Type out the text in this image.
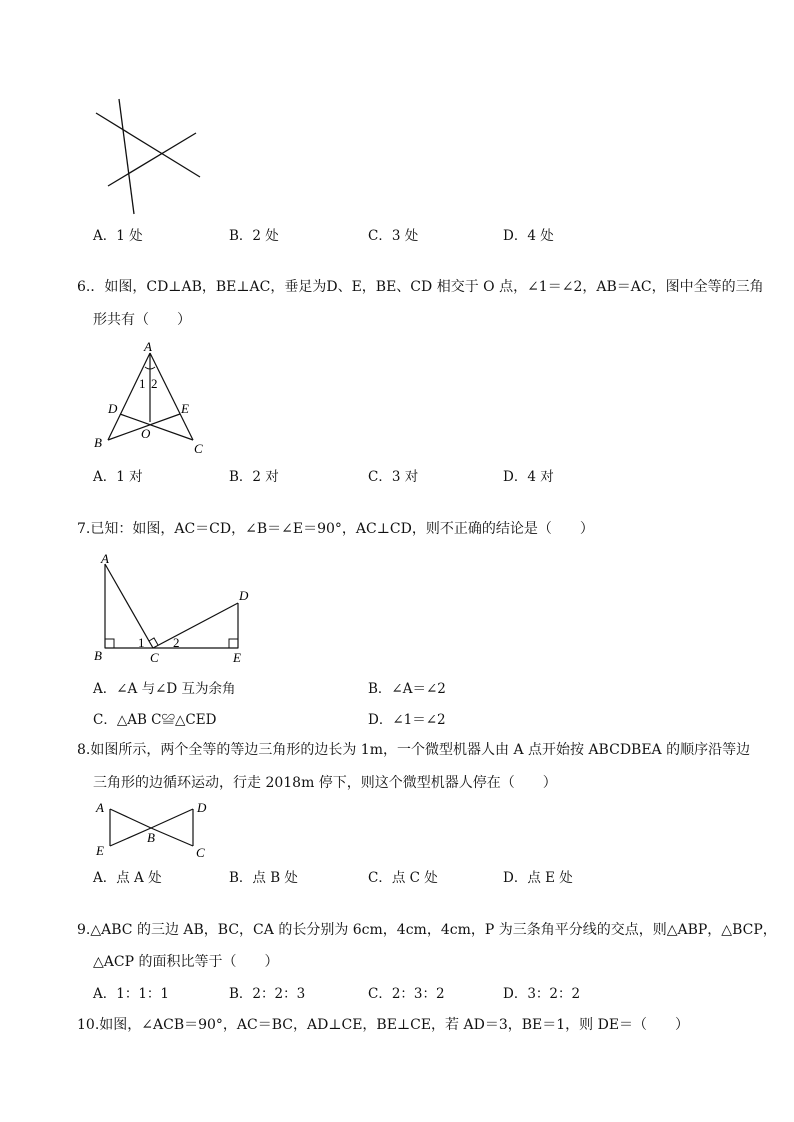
A．1 处	B．2 处	C．3 处	D．4 处
6.．如图，CD⊥AB，BE⊥AC，垂足为D、E，BE、CD 相交于 O 点，∠1＝∠2，AB＝AC，图中全等的三角
形共有（　　）
A
1 2
D	E
O
B	C
A．1 对	B．2 对	C．3 对	D．4 对
7.已知：如图，AC＝CD，∠B＝∠E＝90°，AC⊥CD，则不正确的结论是（　　）
A
D
1 2
B	C	E
A．∠A 与∠D 互为余角	B．∠A＝∠2
C．△AB C≌△CED	D．∠1＝∠2
8.如图所示，两个全等的等边三角形的边长为 1m，一个微型机器人由 A 点开始按 ABCDBEA 的顺序沿等边
三角形的边循环运动，行走 2018m 停下，则这个微型机器人停在（　　）
A	D
B
E	C
A．点 A 处	B．点 B 处	C．点 C 处	D．点 E 处
9.△ABC 的三边 AB，BC，CA 的长分别为 6cm，4cm，4cm，P 为三条角平分线的交点，则△ABP，△BCP，
△ACP 的面积比等于（　　）
A．1：1：1	B．2：2：3	C．2：3：2	D．3：2：2
10.如图，∠ACB＝90°，AC＝BC，AD⊥CE，BE⊥CE，若 AD＝3，BE＝1，则 DE＝（　　）
